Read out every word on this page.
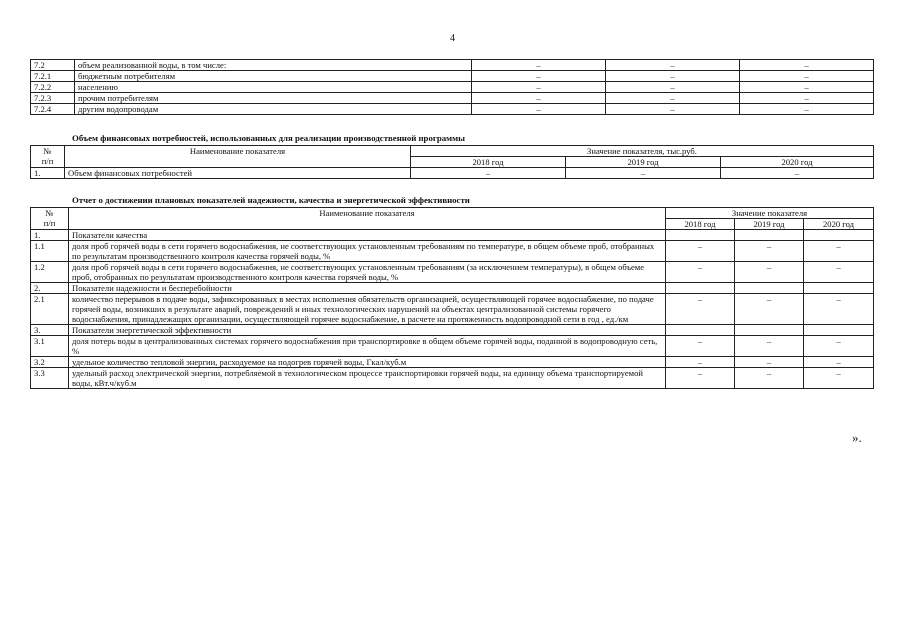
4
7.2	объем реализованной воды, в том числе:	–	–	–
7.2.1	бюджетным потребителям	–	–	–
7.2.2	населению	–	–	–
7.2.3	прочим потребителям	–	–	–
7.2.4	другим водопроводам	–	–	–
Объем финансовых потребностей, использованных для реализации производственной программы
№
п/п	Наименование показателя	Значение показателя, тыс.руб.		
		2018 год	2019 год	2020 год
1.	Объем финансовых потребностей	–	–	–
Отчет о достижении плановых показателей надежности, качества и энергетической эффективности
№
п/п	Наименование показателя	Значение показателя		
		2018 год	2019 год	2020 год
1.	Показатели качества			
1.1	доля проб горячей воды в сети горячего водоснабжения, не соответствующих установленным требованиям по температуре, в общем объеме проб, отобранных по результатам производственного контроля качества горячей воды, %	–	–	–
1.2	доля проб горячей воды в сети горячего водоснабжения, не соответствующих установленным требованиям (за исключением температуры), в общем объеме проб, отобранных по результатам производственного контроля качества горячей воды, %	–	–	–
2.	Показатели надежности и бесперебойности			
2.1	количество перерывов в подаче воды, зафиксированных в местах исполнения обязательств организацией, осуществляющей горячее водоснабжение, по подаче горячей воды, возникших в результате аварий, повреждений и иных технологических нарушений на объектах централизованной системы горячего водоснабжения, принадлежащих организации, осуществляющей горячее водоснабжение, в расчете на протяженность водопроводной сети в год , ед./км	–	–	–
3.	Показатели энергетической эффективности			
3.1	доля потерь воды в централизованных системах горячего водоснабжения при транспортировке в общем объеме горячей воды, поданной в водопроводную сеть, %	–	–	–
3.2	удельное количество тепловой энергии, расходуемое на подогрев горячей воды, Гкал/куб.м	–	–	–
3.3	удельный расход электрической энергии, потребляемой в технологическом процессе транспортировки горячей воды, на единицу объема транспортируемой воды, кВт.ч/куб.м	–	–	–
».
